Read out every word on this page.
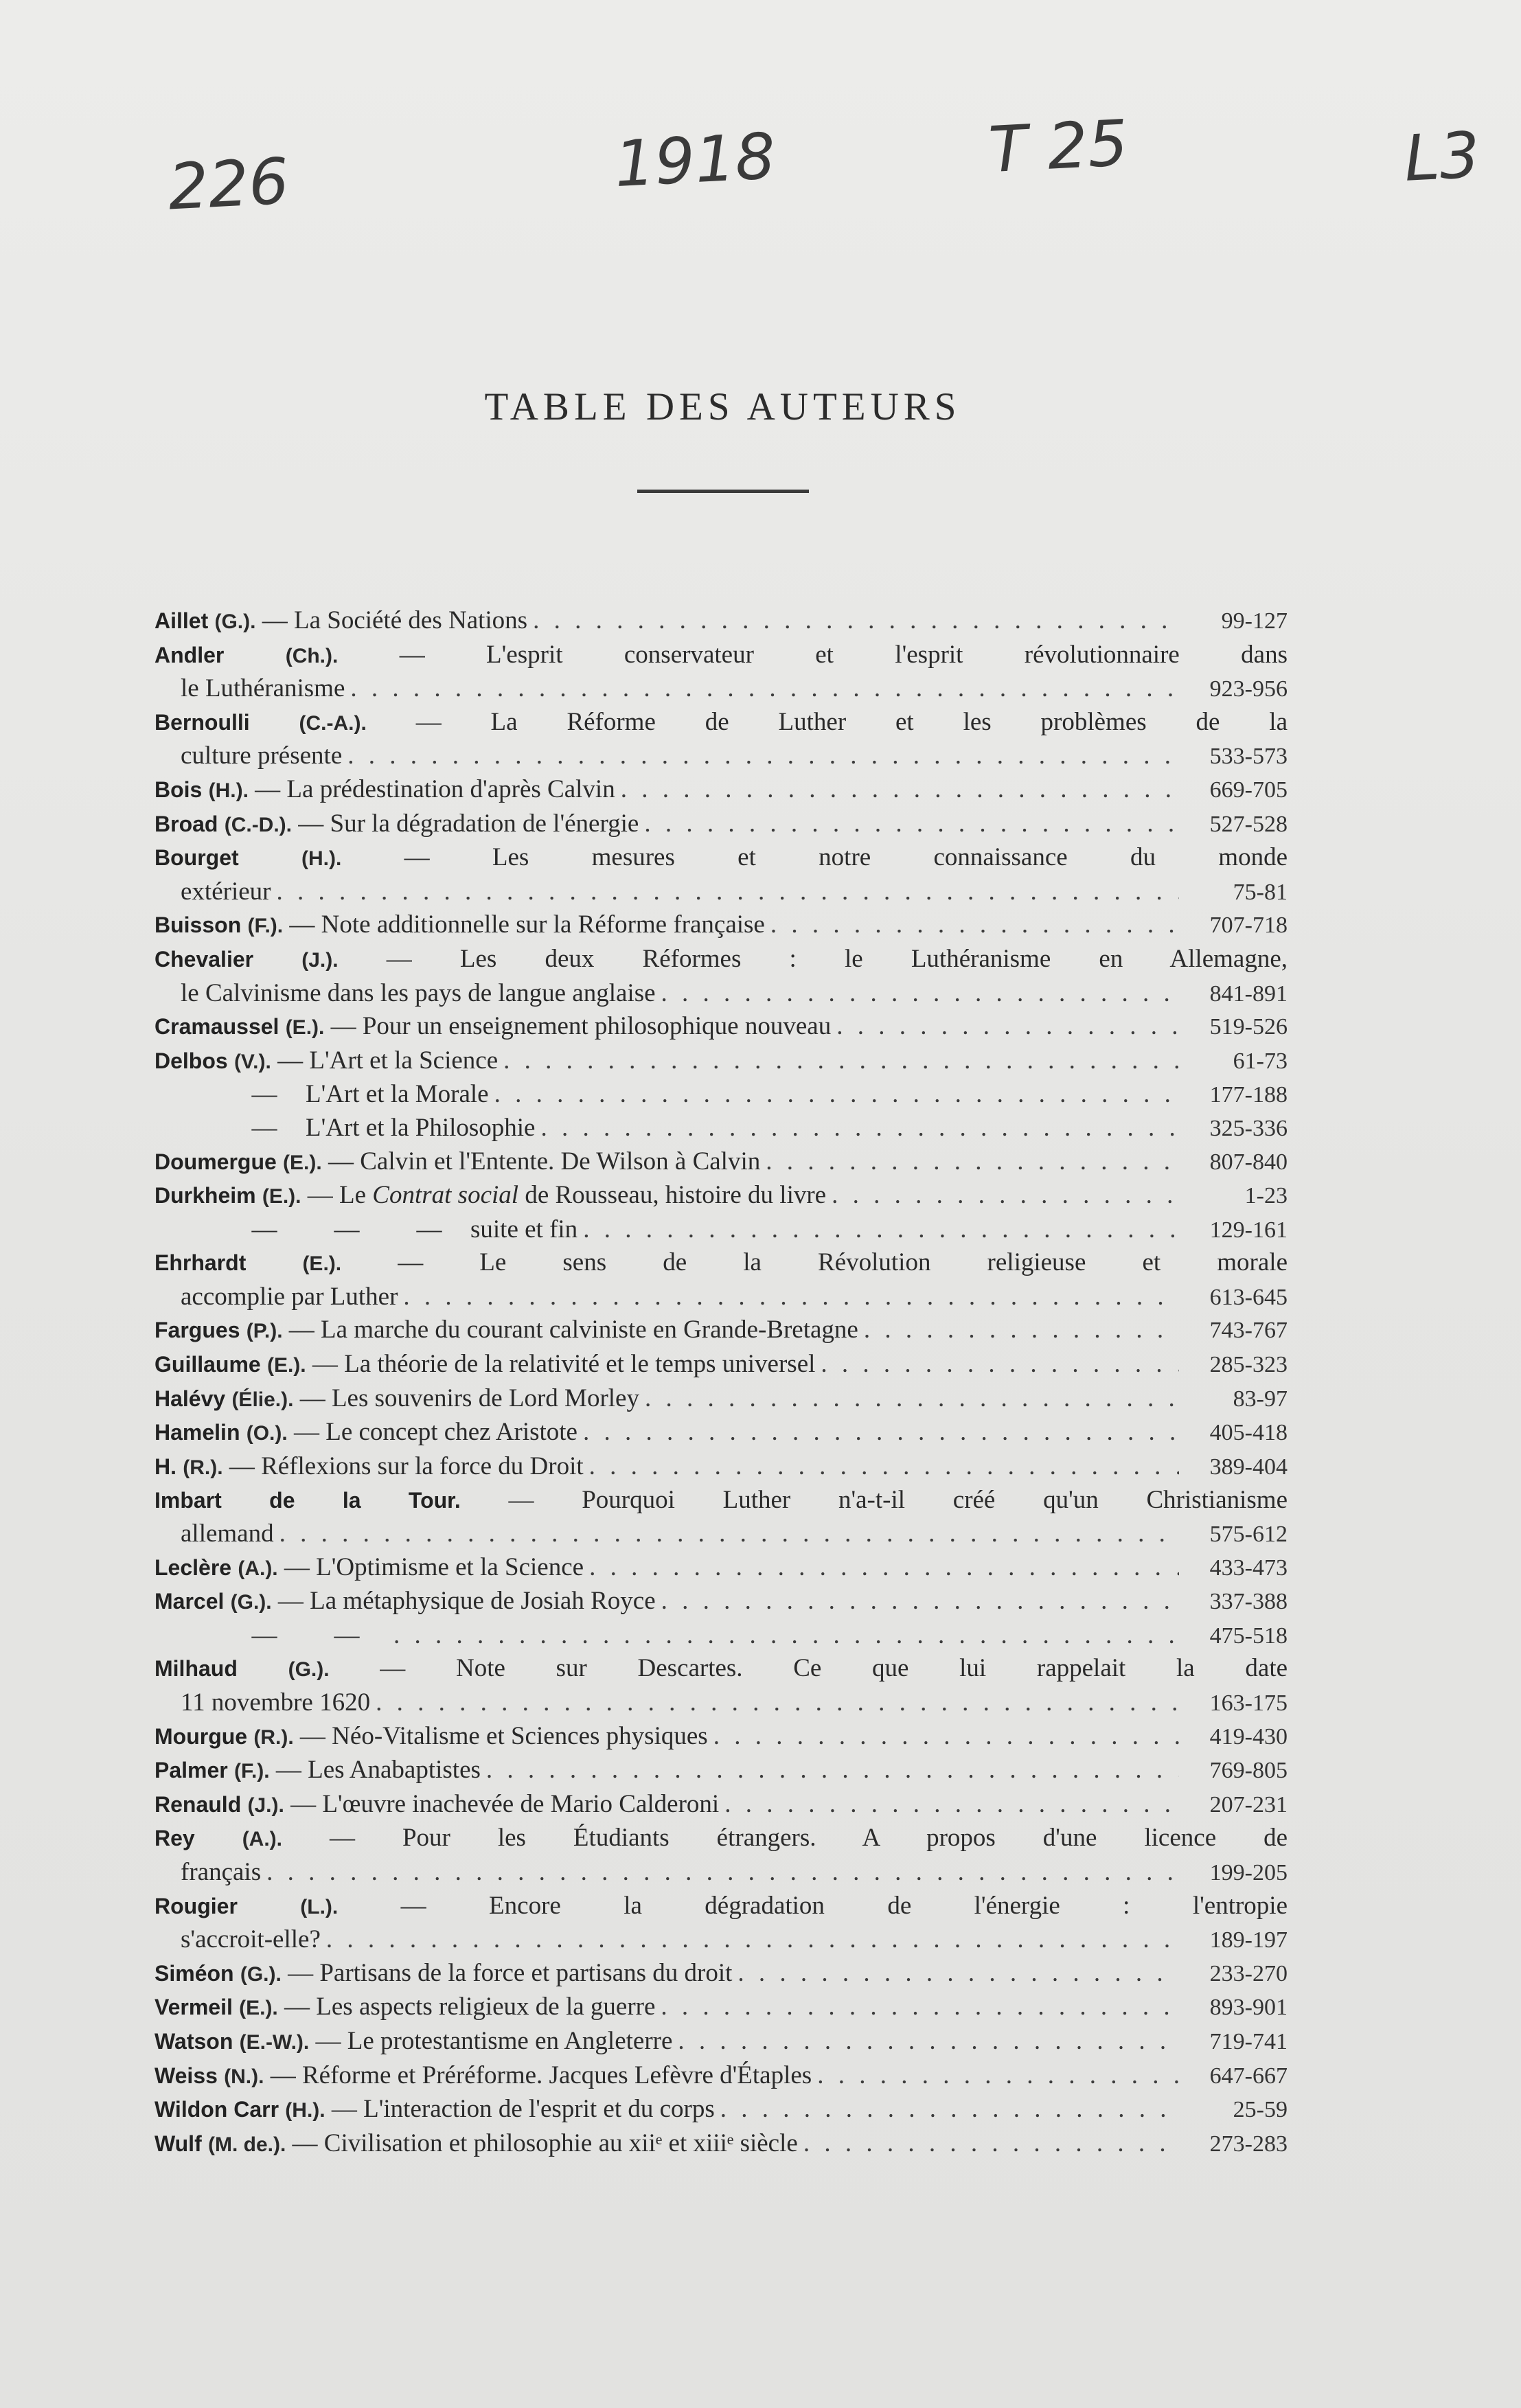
226	1918	T 25	L3
TABLE DES AUTEURS
Aillet (G.). — La Société des Nations . . .	99-127
Andler	(Ch.). — L'esprit conservateur et l'esprit révolutionnaire dans
le Luthéranisme . . .	923-956
Bernoulli (C.-A.). — La Réforme de Luther et les problèmes de la
culture présente . . .	533-573
Bois (H.). — La prédestination d'après Calvin . . .	669-705
Broad (C.-D.). — Sur la dégradation de l'énergie . . .	527-528
Bourget	(H.). — Les mesures et notre connaissance du monde
extérieur . . .	75-81
Buisson (F.). — Note additionnelle sur la Réforme française . . .	707-718
Chevalier (J.). — Les deux Réformes : le Luthéranisme en Allemagne,
le Calvinisme dans les pays de langue anglaise . . .	841-891
Cramaussel (E.). — Pour un enseignement philosophique nouveau . . .	519-526
Delbos (V.). — L'Art et la Science . . .	61-73
— L'Art et la Morale . . .	177-188
— L'Art et la Philosophie . . .	325-336
Doumergue (E.). — Calvin et l'Entente. De Wilson à Calvin . . .	807-840
Durkheim (E.). — Le Contrat social de Rousseau, histoire du livre . . .	1-23
— — — suite et fin . . .	129-161
Ehrhardt	(E.). — Le sens de la Révolution religieuse et morale
accomplie par Luther . . .	613-645
Fargues (P.). — La marche du courant calviniste en Grande-Bretagne . . .	743-767
Guillaume (E.). — La théorie de la relativité et le temps universel . . .	285-323
Halévy (Élie.). — Les souvenirs de Lord Morley . . .	83-97
Hamelin (O.). — Le concept chez Aristote . . .	405-418
H. (R.). — Réflexions sur la force du Droit . . .	389-404
Imbart de la Tour. — Pourquoi Luther n'a-t-il créé qu'un Christianisme
allemand . . .	575-612
Leclère (A.). — L'Optimisme et la Science . . .	433-473
Marcel (G.). — La métaphysique de Josiah Royce . . .	337-388
— — . . .	475-518
Milhaud (G.). — Note sur Descartes. Ce que lui rappelait la date
11 novembre 1620 . . .	163-175
Mourgue (R.). — Néo-Vitalisme et Sciences physiques . . .	419-430
Palmer (F.). — Les Anabaptistes . . .	769-805
Renauld (J.). — L'œuvre inachevée de Mario Calderoni . . .	207-231
Rey (A.). — Pour les Étudiants étrangers. A propos d'une licence de
français . . .	199-205
Rougier	(L.). — Encore la dégradation de l'énergie : l'entropie
s'accroit-elle? . . .	189-197
Siméon (G.). — Partisans de la force et partisans du droit . . .	233-270
Vermeil (E.). — Les aspects religieux de la guerre . . .	893-901
Watson (E.-W.). — Le protestantisme en Angleterre . . .	719-741
Weiss (N.). — Réforme et Préréforme. Jacques Lefèvre d'Étaples . . .	647-667
Wildon Carr (H.). — L'interaction de l'esprit et du corps . . .	25-59
Wulf (M. de.). — Civilisation et philosophie au xiiᵉ et xiiiᵉ siècle . . .	273-283
